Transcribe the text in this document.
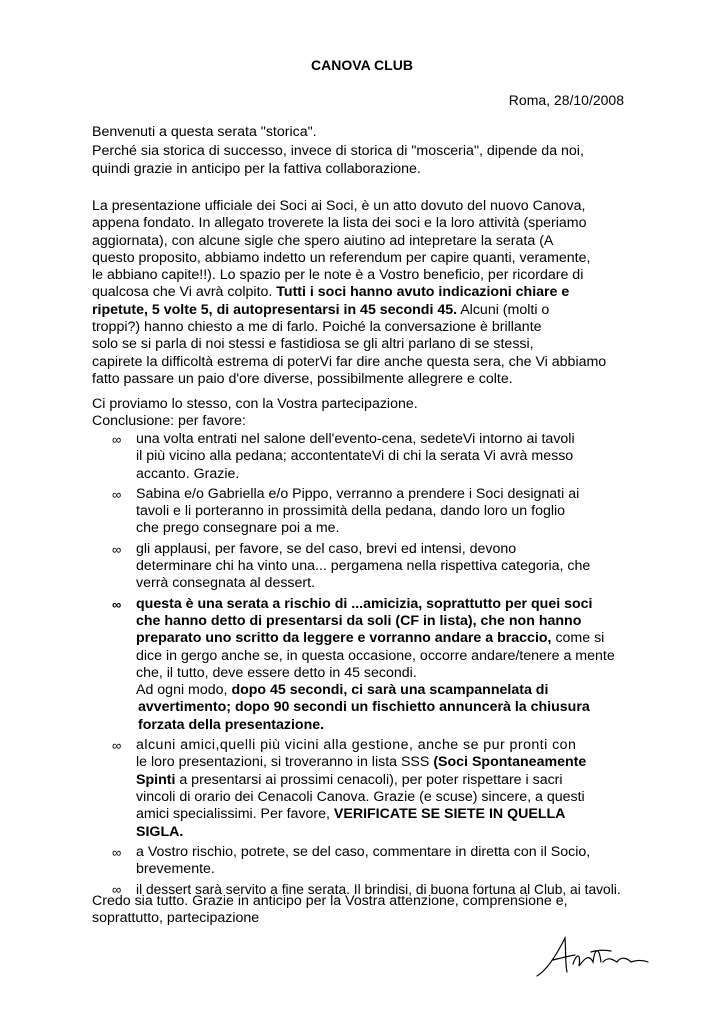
CANOVA CLUB
Roma, 28/10/2008

Benvenuti a questa serata "storica".

Perché sia storica di successo, invece di storica di "mosceria", dipende da noi,

quindi grazie in anticipo per la fattiva collaborazione.

La presentazione ufficiale dei Soci ai Soci, è un atto dovuto del nuovo Canova,

appena fondato. In allegato troverete la lista dei soci e la loro attività (speriamo

aggiornata), con alcune sigle che spero aiutino ad intepretare la serata (A

questo proposito, abbiamo indetto un referendum per capire quanti, veramente,

le abbiano capite!!). Lo spazio per le note è a Vostro beneficio, per ricordare di

qualcosa che Vi avrà colpito. Tutti i soci hanno avuto indicazioni chiare e

ripetute, 5 volte 5, di autopresentarsi in 45 secondi 45. Alcuni (molti o

troppi?) hanno chiesto a me di farlo. Poiché la conversazione è brillante

solo se si parla di noi stessi e fastidiosa se gli altri parlano di se stessi,

capirete la difficoltà estrema di poterVi far dire anche questa sera, che Vi abbiamo

fatto passare un paio d'ore diverse, possibilmente allegrere e colte.

Ci proviamo lo stesso, con la Vostra partecipazione.

Conclusione: per favore:

∞ una volta entrati nel salone dell'evento-cena, sedeteVi intorno ai tavoli

il più vicino alla pedana; accontentateVi di chi la serata Vi avrà messo

accanto. Grazie.

∞ Sabina e/o Gabriella e/o Pippo, verranno a prendere i Soci designati ai

tavoli e li porteranno in prossimità della pedana, dando loro un foglio

che prego consegnare poi a me.

∞ gli applausi, per favore, se del caso, brevi ed intensi, devono

determinare chi ha vinto una... pergamena nella rispettiva categoria, che

verrà consegnata al dessert.

∞ questa è una serata a rischio di ...amicizia, soprattutto per quei soci

che hanno detto di presentarsi da soli (CF in lista), che non hanno

preparato uno scritto da leggere e vorranno andare a braccio, come si

dice in gergo anche se, in questa occasione, occorre andare/tenere a mente

che, il tutto, deve essere detto in 45 secondi.

Ad ogni modo, dopo 45 secondi, ci sarà una scampannelata di

avvertimento; dopo 90 secondi un fischietto annuncerà la chiusura

forzata della presentazione.

∞ alcuni amici,quelli più vicini alla gestione, anche se pur pronti con

le loro presentazioni, si troveranno in lista SSS (Soci Spontaneamente

Spinti a presentarsi ai prossimi cenacoli), per poter rispettare i sacri

vincoli di orario dei Cenacoli Canova. Grazie (e scuse) sincere, a questi

amici specialissimi. Per favore, VERIFICATE SE SIETE IN QUELLA

SIGLA.

∞ a Vostro rischio, potrete, se del caso, commentare in diretta con il Socio,

brevemente.

∞ il dessert sarà servito a fine serata. Il brindisi, di buona fortuna al Club, ai tavoli.

Credo sia tutto. Grazie in anticipo per la Vostra attenzione, comprensione e,

soprattutto, partecipazione
